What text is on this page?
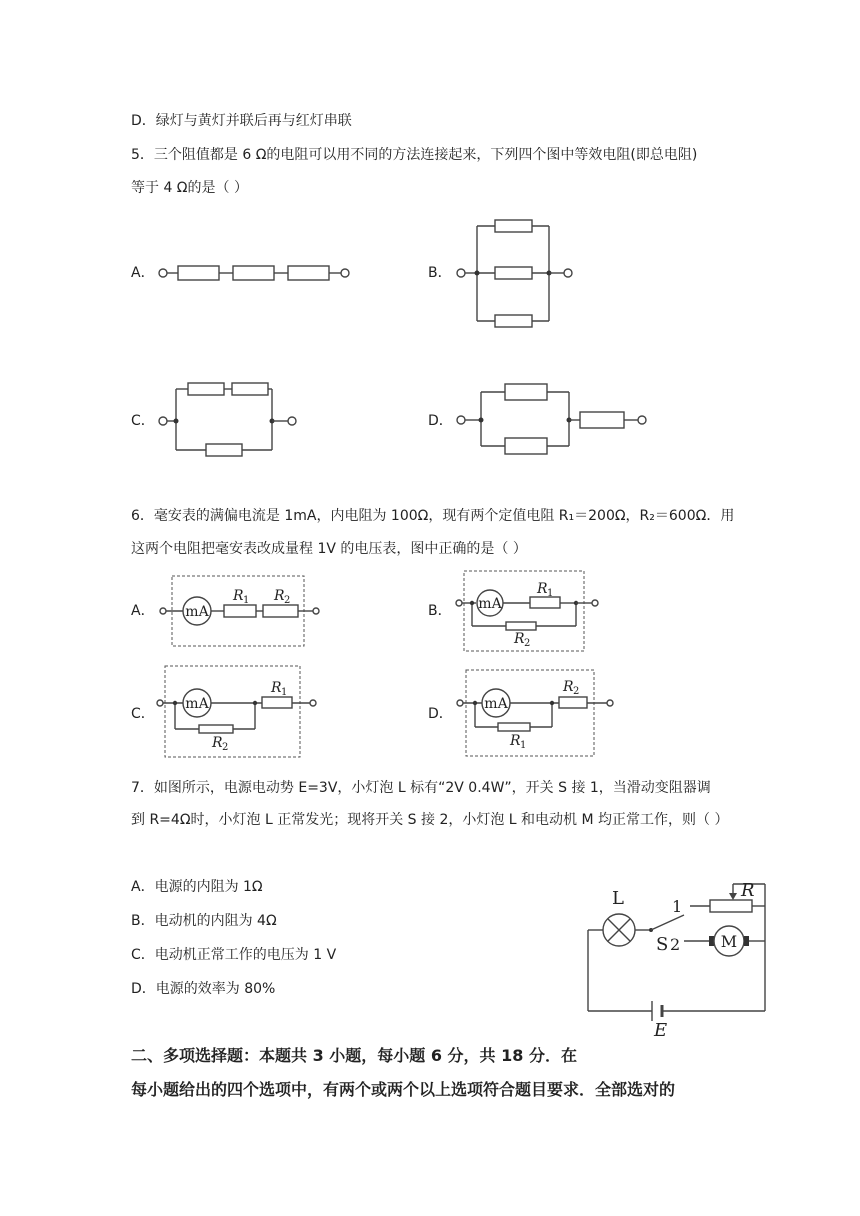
D．绿灯与黄灯并联后再与红灯串联
5．三个阻值都是 6 Ω的电阻可以用不同的方法连接起来，下列四个图中等效电阻(即总电阻)
等于 4 Ω的是（ ）
A．	B．
C．	D．
6．毫安表的满偏电流是 1mA，内电阻为 100Ω，现有两个定值电阻 R₁＝200Ω，R₂＝600Ω．用
这两个电阻把毫安表改成量程 1V 的电压表，图中正确的是（ ）
A．	B．
C．	D．
7．如图所示，电源电动势 E=3V，小灯泡 L 标有“2V 0.4W”，开关 S 接 1，当滑动变阻器调
到 R=4Ω时，小灯泡 L 正常发光；现将开关 S 接 2，小灯泡 L 和电动机 M 均正常工作，则（ ）
A．电源的内阻为 1Ω
B．电动机的内阻为 4Ω
C．电动机正常工作的电压为 1 V
D．电源的效率为 80%
二、多项选择题：本题共 3 小题，每小题 6 分，共 18 分．在
每小题给出的四个选项中，有两个或两个以上选项符合题目要求．全部选对的
mA
R 1 R 2	mA
R 1
R 2
mA
R 2
R 1
mA
R 1
R 2
L
S
1
2
R
M
E
